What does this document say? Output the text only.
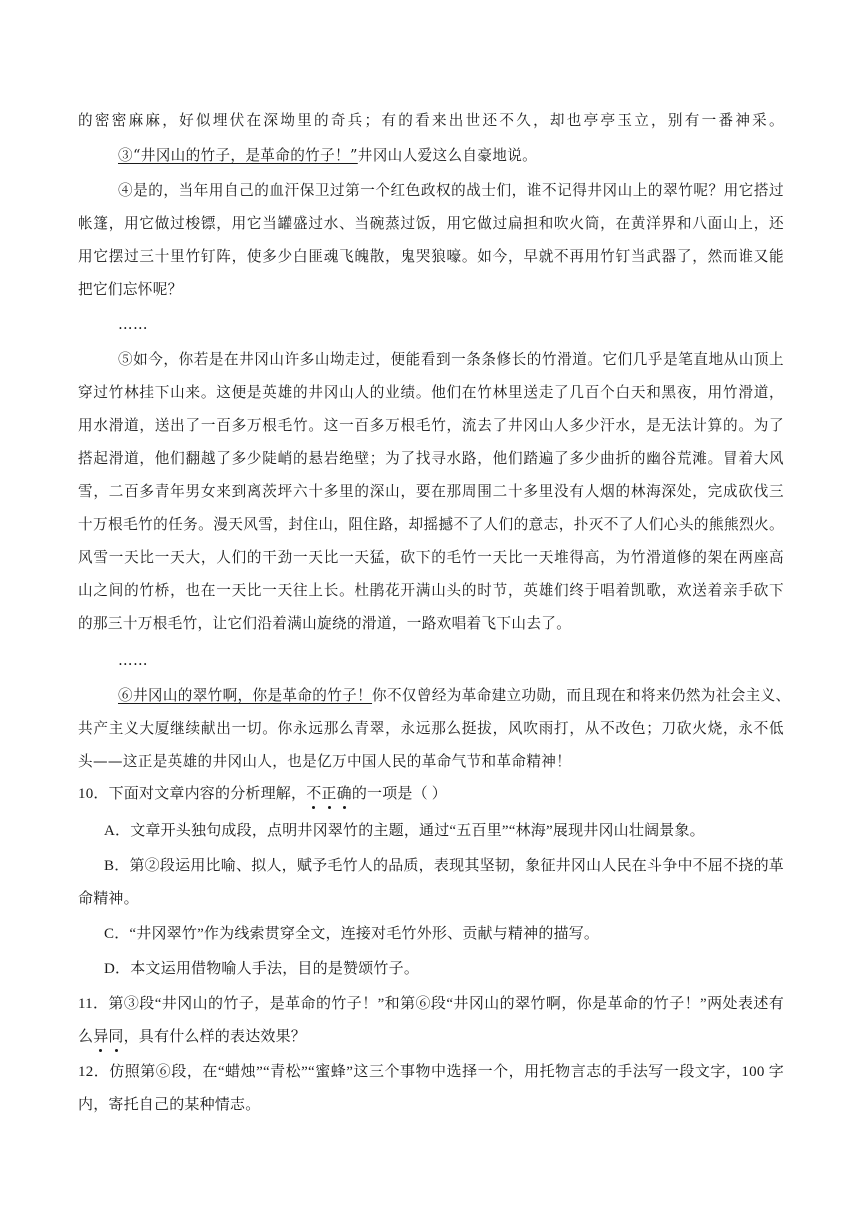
的密密麻麻，好似埋伏在深坳里的奇兵；有的看来出世还不久，却也亭亭玉立，别有一番神采。
③“井冈山的竹子，是革命的竹子！”井冈山人爱这么自豪地说。
④是的，当年用自己的血汗保卫过第一个红色政权的战士们，谁不记得井冈山上的翠竹呢？用它搭过
帐篷，用它做过梭镖，用它当罐盛过水、当碗蒸过饭，用它做过扁担和吹火筒，在黄洋界和八面山上，还
用它摆过三十里竹钉阵，使多少白匪魂飞魄散，鬼哭狼嚎。如今，早就不再用竹钉当武器了，然而谁又能
把它们忘怀呢？
……
⑤如今，你若是在井冈山许多山坳走过，便能看到一条条修长的竹滑道。它们几乎是笔直地从山顶上
穿过竹林挂下山来。这便是英雄的井冈山人的业绩。他们在竹林里送走了几百个白天和黑夜，用竹滑道，
用水滑道，送出了一百多万根毛竹。这一百多万根毛竹，流去了井冈山人多少汗水，是无法计算的。为了
搭起滑道，他们翻越了多少陡峭的悬岩绝壁；为了找寻水路，他们踏遍了多少曲折的幽谷荒滩。冒着大风
雪，二百多青年男女来到离茨坪六十多里的深山，要在那周围二十多里没有人烟的林海深处，完成砍伐三
十万根毛竹的任务。漫天风雪，封住山，阻住路，却摇撼不了人们的意志，扑灭不了人们心头的熊熊烈火。
风雪一天比一天大，人们的干劲一天比一天猛，砍下的毛竹一天比一天堆得高，为竹滑道修的架在两座高
山之间的竹桥，也在一天比一天往上长。杜鹃花开满山头的时节，英雄们终于唱着凯歌，欢送着亲手砍下
的那三十万根毛竹，让它们沿着满山旋绕的滑道，一路欢唱着飞下山去了。
……
⑥井冈山的翠竹啊，你是革命的竹子！你不仅曾经为革命建立功勋，而且现在和将来仍然为社会主义、
共产主义大厦继续献出一切。你永远那么青翠，永远那么挺拔，风吹雨打，从不改色；刀砍火烧，永不低
头——这正是英雄的井冈山人，也是亿万中国人民的革命气节和革命精神！
10．下面对文章内容的分析理解，不正确的一项是（ ）
A．文章开头独句成段，点明井冈翠竹的主题，通过“五百里”“林海”展现井冈山壮阔景象。
B．第②段运用比喻、拟人，赋予毛竹人的品质，表现其坚韧，象征井冈山人民在斗争中不屈不挠的革
命精神。
C．“井冈翠竹”作为线索贯穿全文，连接对毛竹外形、贡献与精神的描写。
D．本文运用借物喻人手法，目的是赞颂竹子。
11．第③段“井冈山的竹子，是革命的竹子！”和第⑥段“井冈山的翠竹啊，你是革命的竹子！”两处表述有
么异同，具有什么样的表达效果？
12．仿照第⑥段，在“蜡烛”“青松”“蜜蜂”这三个事物中选择一个，用托物言志的手法写一段文字，100 字
内，寄托自己的某种情志。
